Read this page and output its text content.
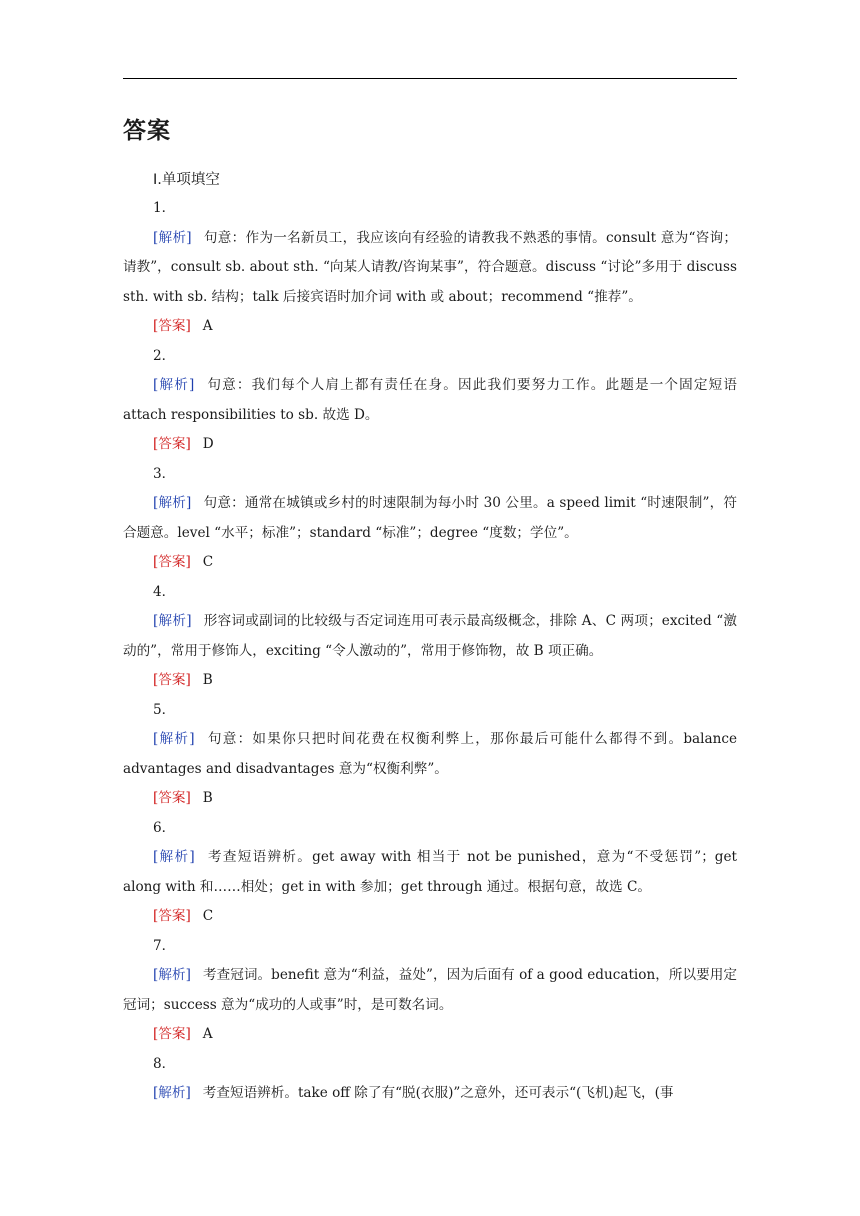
答案
Ⅰ.单项填空

1．

[解析] 句意：作为一名新员工，我应该向有经验的请教我不熟悉的事情。consult 意为“咨询；请教”，consult sb. about sth. “向某人请教/咨询某事”，符合题意。discuss “讨论”多用于 discuss sth. with sb. 结构；talk 后接宾语时加介词 with 或 about；recommend “推荐”。

[答案] A

2．

[解析] 句意：我们每个人肩上都有责任在身。因此我们要努力工作。此题是一个固定短语 attach responsibilities to sb. 故选 D。

[答案] D

3．

[解析] 句意：通常在城镇或乡村的时速限制为每小时 30 公里。a speed limit “时速限制”，符合题意。level “水平；标准”；standard “标准”；degree “度数；学位”。

[答案] C

4．

[解析] 形容词或副词的比较级与否定词连用可表示最高级概念，排除 A、C 两项；excited “激动的”，常用于修饰人，exciting “令人激动的”，常用于修饰物，故 B 项正确。

[答案] B

5．

[解析] 句意：如果你只把时间花费在权衡利弊上，那你最后可能什么都得不到。balance advantages and disadvantages 意为“权衡利弊”。

[答案] B

6．

[解析] 考查短语辨析。get away with 相当于 not be punished，意为“不受惩罚”；get along with 和……相处；get in with 参加；get through 通过。根据句意，故选 C。

[答案] C

7．

[解析] 考查冠词。benefit 意为“利益，益处”，因为后面有 of a good education，所以要用定冠词；success 意为“成功的人或事”时，是可数名词。

[答案] A

8．

[解析] 考查短语辨析。take off 除了有“脱(衣服)”之意外，还可表示“(飞机)起飞，(事
